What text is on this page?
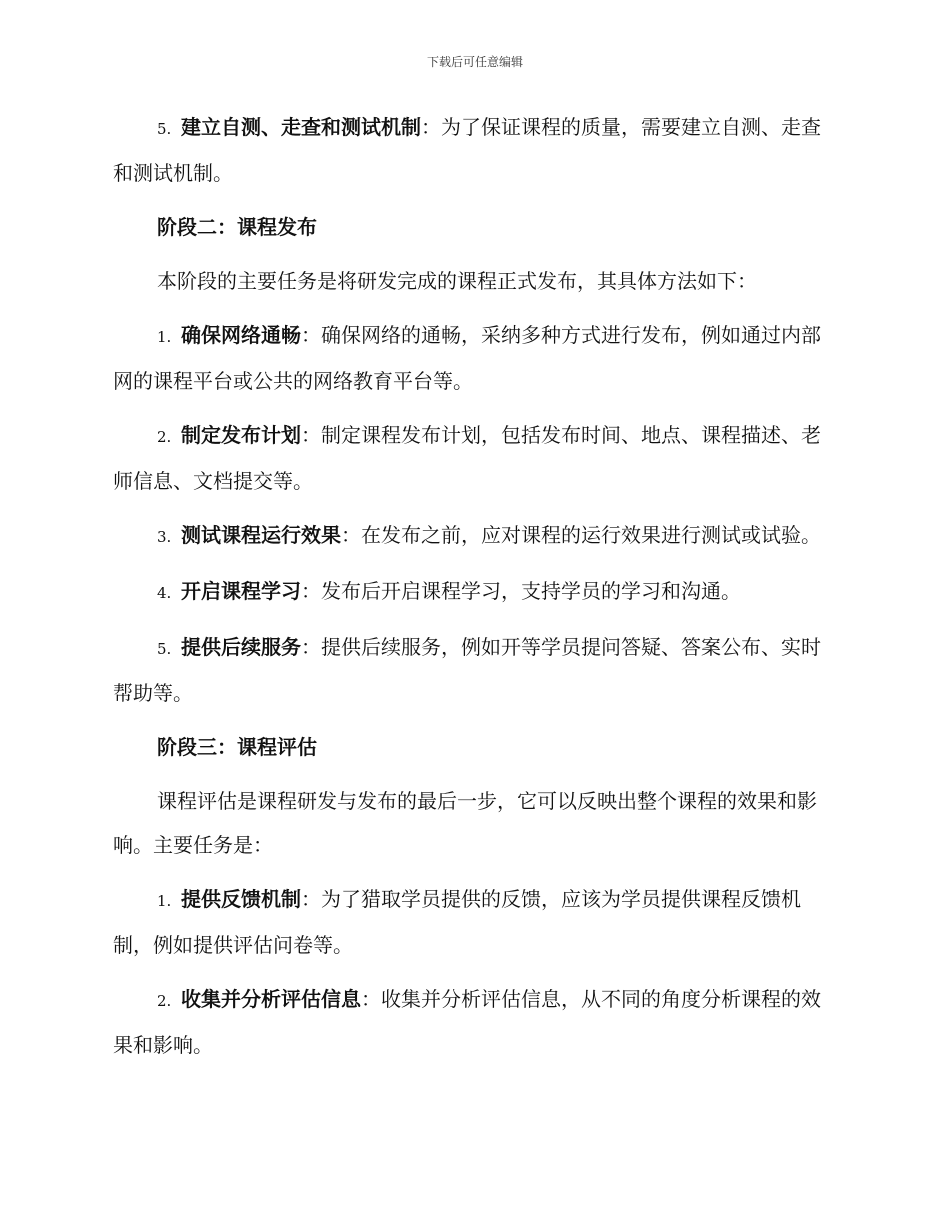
下载后可任意编辑

5. 建立自测、走查和测试机制：为了保证课程的质量，需要建立自测、走查和测试机制。

阶段二：课程发布

本阶段的主要任务是将研发完成的课程正式发布，其具体方法如下：

1. 确保网络通畅：确保网络的通畅，采纳多种方式进行发布，例如通过内部网的课程平台或公共的网络教育平台等。

2. 制定发布计划：制定课程发布计划，包括发布时间、地点、课程描述、老师信息、文档提交等。

3. 测试课程运行效果：在发布之前，应对课程的运行效果进行测试或试验。

4. 开启课程学习：发布后开启课程学习，支持学员的学习和沟通。

5. 提供后续服务：提供后续服务，例如开等学员提问答疑、答案公布、实时帮助等。

阶段三：课程评估

课程评估是课程研发与发布的最后一步，它可以反映出整个课程的效果和影响。主要任务是：

1. 提供反馈机制：为了猎取学员提供的反馈，应该为学员提供课程反馈机制，例如提供评估问卷等。

2. 收集并分析评估信息：收集并分析评估信息，从不同的角度分析课程的效果和影响。
